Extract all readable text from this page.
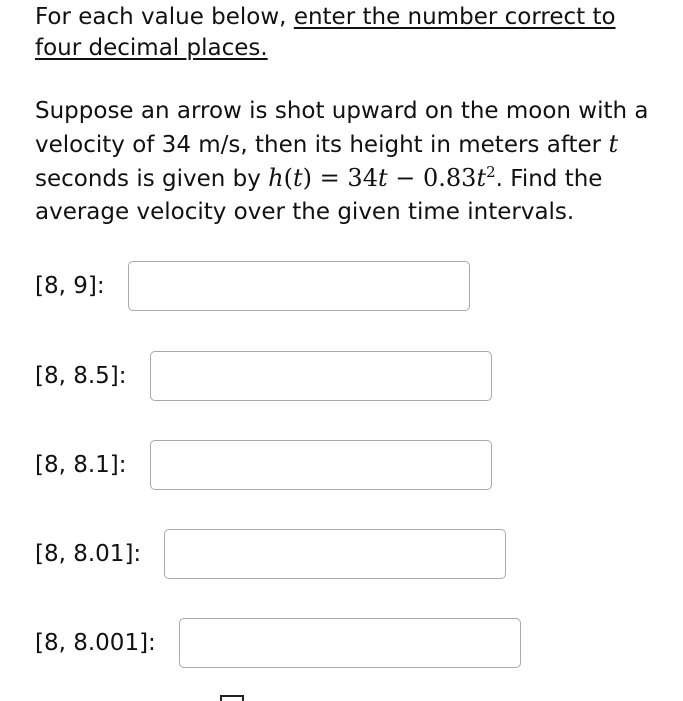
For each value below, enter the number correct to four decimal places.

Suppose an arrow is shot upward on the moon with a velocity of 34 m/s, then its height in meters after t seconds is given by $h(t) = 34t - 0.83t^2$. Find the average velocity over the given time intervals.

[8, 9]:
[8, 8.5]:
[8, 8.1]:
[8, 8.01]:
[8, 8.001]:
